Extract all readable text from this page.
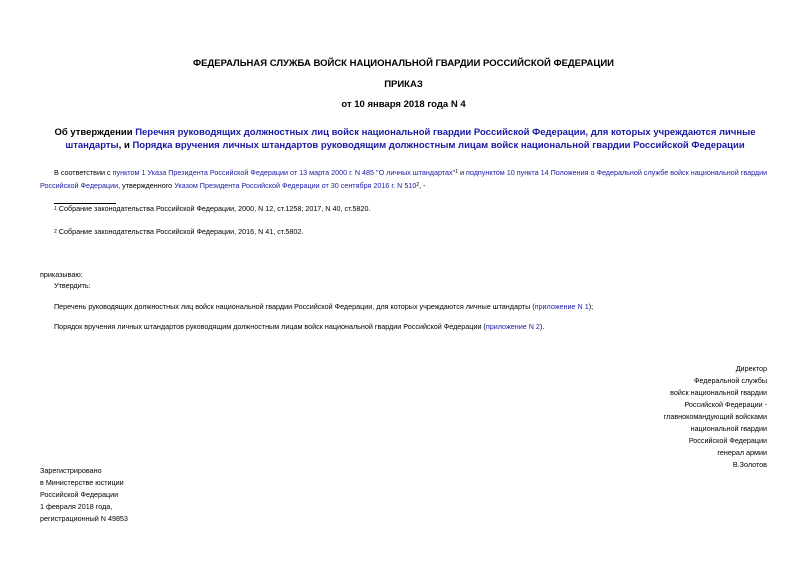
ФЕДЕРАЛЬНАЯ СЛУЖБА ВОЙСК НАЦИОНАЛЬНОЙ ГВАРДИИ РОССИЙСКОЙ ФЕДЕРАЦИИ
ПРИКАЗ
от 10 января 2018 года N 4
Об утверждении Перечня руководящих должностных лиц войск национальной гвардии Российской Федерации, для которых учреждаются личные штандарты, и Порядка вручения личных штандартов руководящим должностным лицам войск национальной гвардии Российской Федерации
В соответствии с пунктом 1 Указа Президента Российской Федерации от 13 марта 2000 г. N 485 "О личных штандартах"$^1$ и подпунктом 10 пункта 14 Положения о Федеральной службе войск национальной гвардии Российской Федерации, утвержденного Указом Президента Российской Федерации от 30 сентября 2016 г. N $510^2$, -
$^1$ Собрание законодательства Российской Федерации, 2000, N 12, ст.1258; 2017, N 40, ст.5820.
$^2$ Собрание законодательства Российской Федерации, 2016, N 41, ст.5802.
приказываю:
Утвердить:
Перечень руководящих должностных лиц войск национальной гвардии Российской Федерации, для которых учреждаются личные штандарты (приложение N 1);
Порядок вручения личных штандартов руководящим должностным лицам войск национальной гвардии Российской Федерации (приложение N 2).
Директор
Федеральной службы
войск национальной гвардии
Российской Федерации -
главнокомандующий войсками
национальной гвардии
Российской Федерации
генерал армии
В.Золотов
Зарегистрировано
в Министерстве юстиции
Российской Федерации
1 февраля 2018 года,
регистрационный N 49853
